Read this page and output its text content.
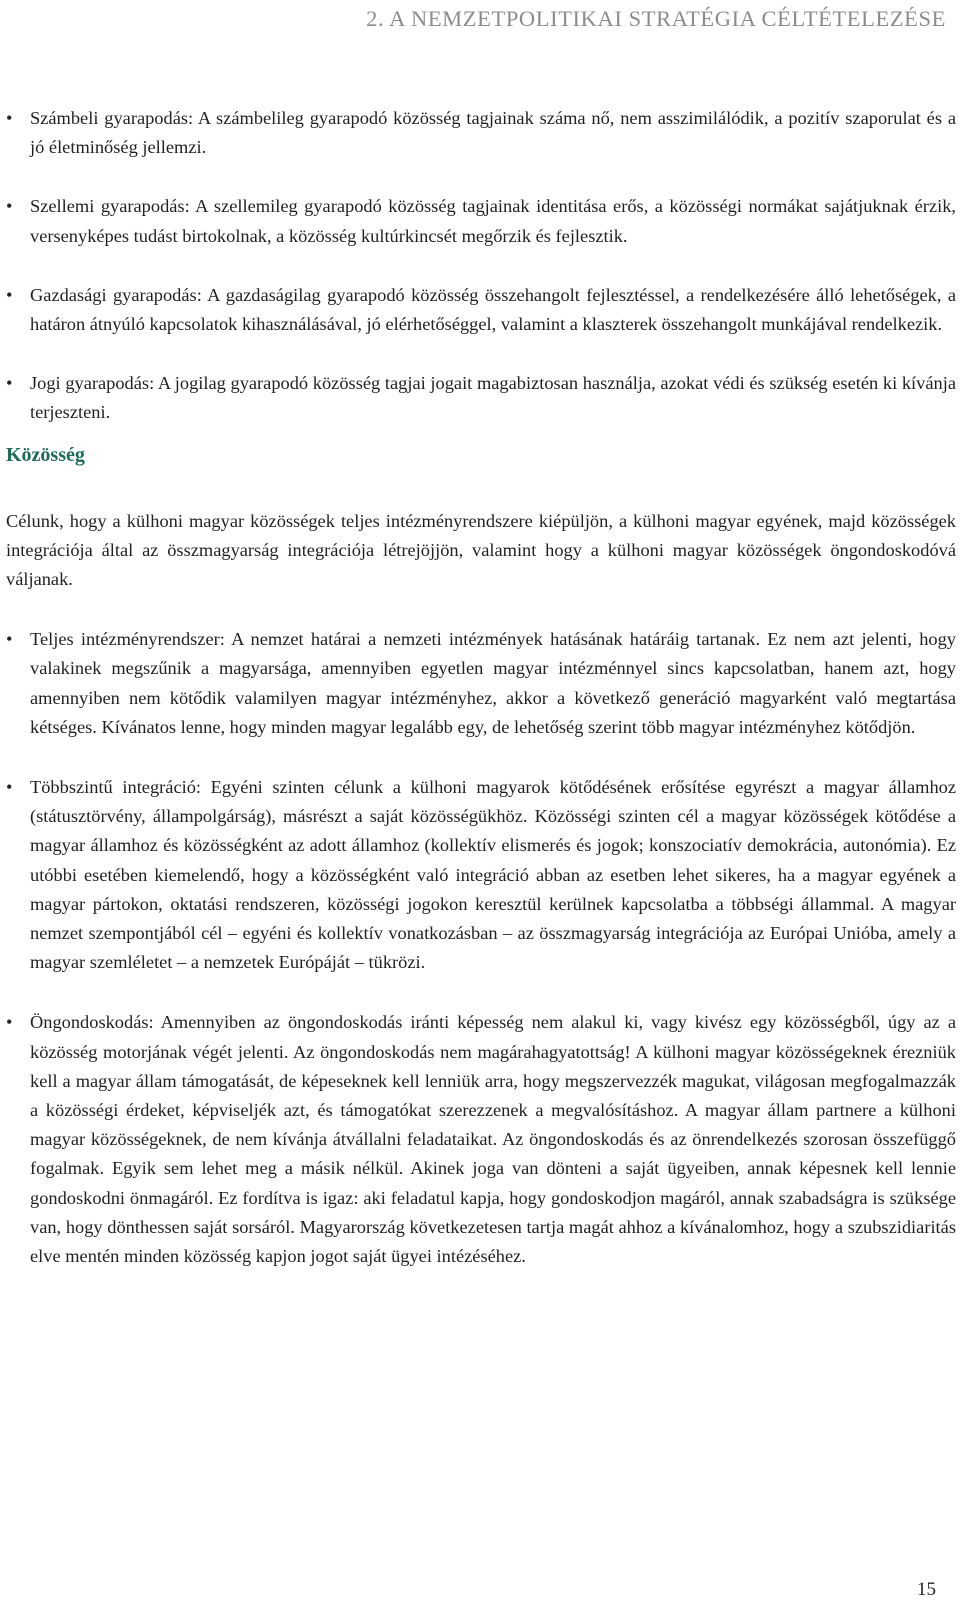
2. A NEMZETPOLITIKAI STRATÉGIA CÉLTÉTELEZÉSE
• Számbeli gyarapodás: A számbelileg gyarapodó közösség tagjainak száma nő, nem asszimilálódik, a pozitív szaporulat és a jó életminőség jellemzi.

• Szellemi gyarapodás: A szellemileg gyarapodó közösség tagjainak identitása erős, a közösségi normákat sajátjuknak érzik, versenyképes tudást birtokolnak, a közösség kultúrkincsét megőrzik és fejlesztik.

• Gazdasági gyarapodás: A gazdaságilag gyarapodó közösség összehangolt fejlesztéssel, a rendelkezésére álló lehetőségek, a határon átnyúló kapcsolatok kihasználásával, jó elérhetőséggel, valamint a klaszterek összehangolt munkájával rendelkezik.

• Jogi gyarapodás: A jogilag gyarapodó közösség tagjai jogait magabiztosan használja, azokat védi és szükség esetén ki kívánja terjeszteni.

Közösség

Célunk, hogy a külhoni magyar közösségek teljes intézményrendszere kiépüljön, a külhoni magyar egyének, majd közösségek integrációja által az összmagyarság integrációja létrejöjjön, valamint hogy a külhoni magyar közösségek öngondoskodóvá váljanak.

• Teljes intézményrendszer: A nemzet határai a nemzeti intézmények hatásának határáig tartanak. Ez nem azt jelenti, hogy valakinek megszűnik a magyarsága, amennyiben egyetlen magyar intézménnyel sincs kapcsolatban, hanem azt, hogy amennyiben nem kötődik valamilyen magyar intézményhez, akkor a következő generáció magyarként való megtartása kétséges. Kívánatos lenne, hogy minden magyar legalább egy, de lehetőség szerint több magyar intézményhez kötődjön.

• Többszintű integráció: Egyéni szinten célunk a külhoni magyarok kötődésének erősítése egyrészt a magyar államhoz (státusztörvény, állampolgárság), másrészt a saját közösségükhöz. Közösségi szinten cél a magyar közösségek kötődése a magyar államhoz és közösségként az adott államhoz (kollektív elismerés és jogok; konszociatív demokrácia, autonómia). Ez utóbbi esetében kiemelendő, hogy a közösségként való integráció abban az esetben lehet sikeres, ha a magyar egyének a magyar pártokon, oktatási rendszeren, közösségi jogokon keresztül kerülnek kapcsolatba a többségi állammal. A magyar nemzet szempontjából cél – egyéni és kollektív vonatkozásban – az összmagyarság integrációja az Európai Unióba, amely a magyar szemléletet – a nemzetek Európáját – tükrözi.

• Öngondoskodás: Amennyiben az öngondoskodás iránti képesség nem alakul ki, vagy kivész egy közösségből, úgy az a közösség motorjának végét jelenti. Az öngondoskodás nem magárahagyatottság! A külhoni magyar közösségeknek érezniük kell a magyar állam támogatását, de képeseknek kell lenniük arra, hogy megszervezzék magukat, világosan megfogalmazzák a közösségi érdeket, képviseljék azt, és támogatókat szerezzenek a megvalósításhoz. A magyar állam partnere a külhoni magyar közösségeknek, de nem kívánja átvállalni feladataikat. Az öngondoskodás és az önrendelkezés szorosan összefüggő fogalmak. Egyik sem lehet meg a másik nélkül. Akinek joga van dönteni a saját ügyeiben, annak képesnek kell lennie gondoskodni önmagáról. Ez fordítva is igaz: aki feladatul kapja, hogy gondoskodjon magáról, annak szabadságra is szüksége van, hogy dönthessen saját sorsáról. Magyarország következetesen tartja magát ahhoz a kívánalomhoz, hogy a szubszidiaritás elve mentén minden közösség kapjon jogot saját ügyei intézéséhez.

15
